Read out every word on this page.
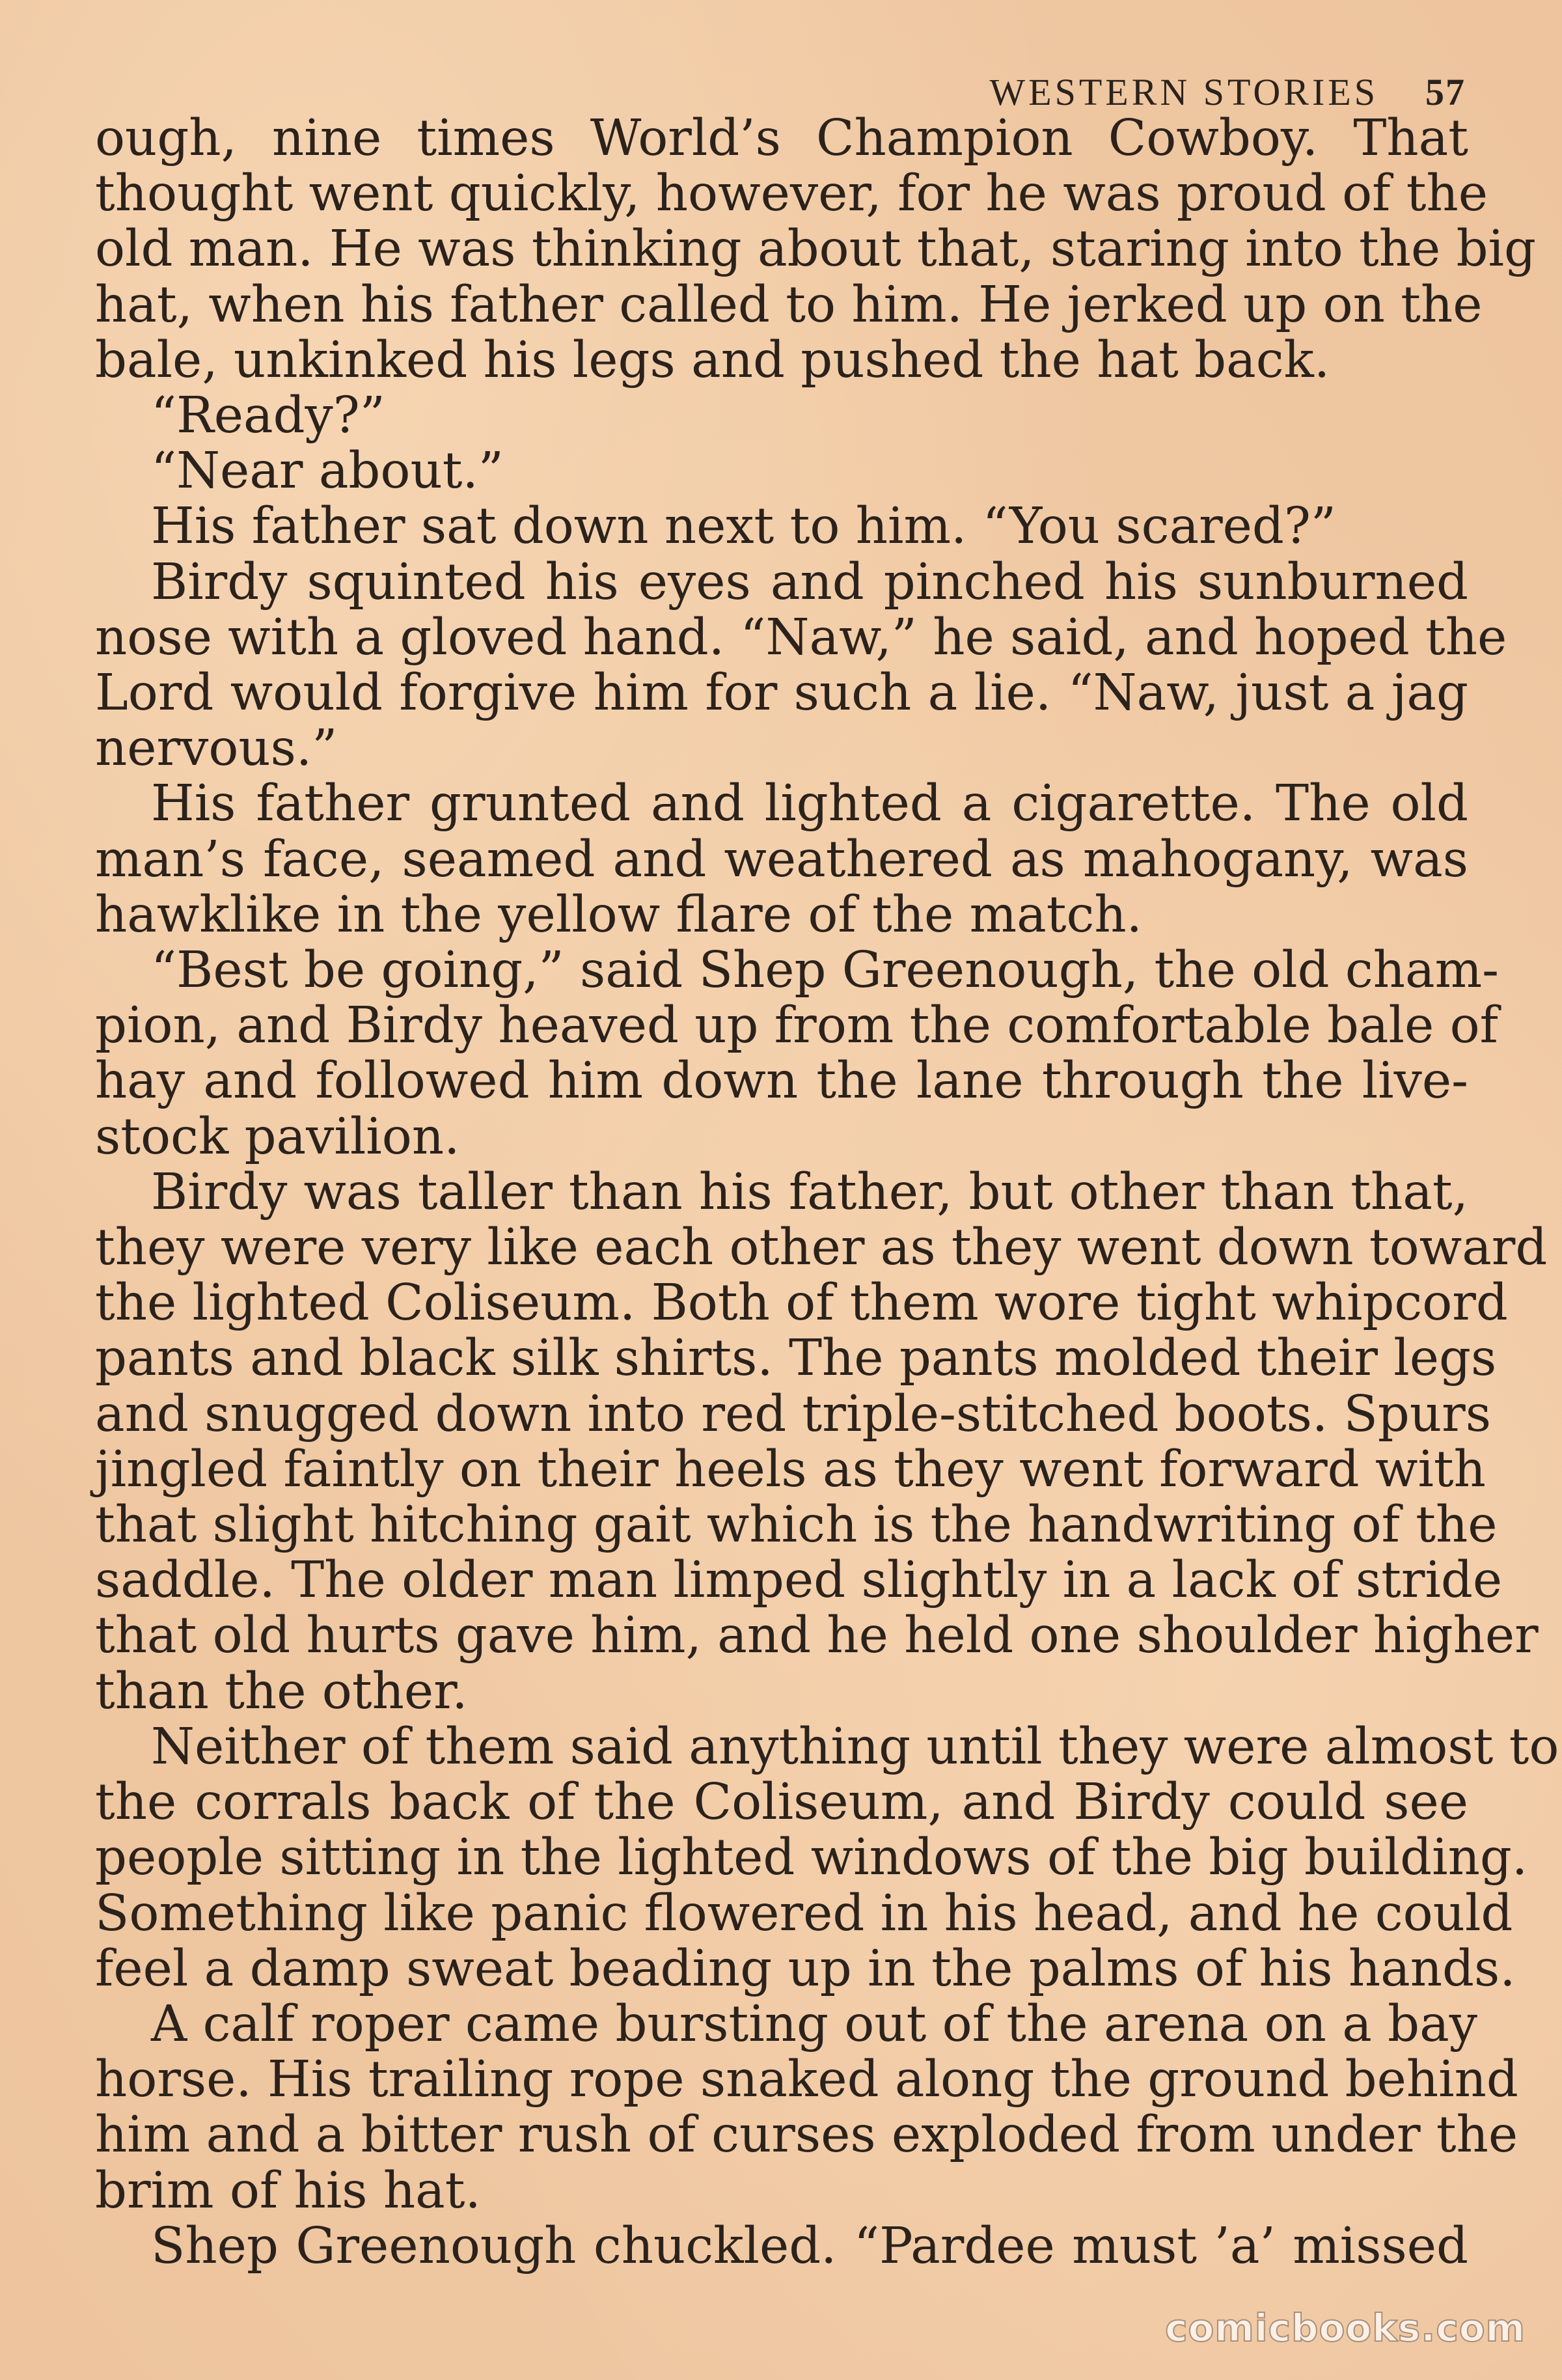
WESTERN STORIES 57
ough, nine times World’s Champion Cowboy. That
thought went quickly, however, for he was proud of the
old man. He was thinking about that, staring into the big
hat, when his father called to him. He jerked up on the
bale, unkinked his legs and pushed the hat back.
“Ready?”
“Near about.”
His father sat down next to him. “You scared?”
Birdy squinted his eyes and pinched his sunburned
nose with a gloved hand. “Naw,” he said, and hoped the
Lord would forgive him for such a lie. “Naw, just a jag
nervous.”
His father grunted and lighted a cigarette. The old
man’s face, seamed and weathered as mahogany, was
hawklike in the yellow flare of the match.
“Best be going,” said Shep Greenough, the old cham-
pion, and Birdy heaved up from the comfortable bale of
hay and followed him down the lane through the live-
stock pavilion.
Birdy was taller than his father, but other than that,
they were very like each other as they went down toward
the lighted Coliseum. Both of them wore tight whipcord
pants and black silk shirts. The pants molded their legs
and snugged down into red triple-stitched boots. Spurs
jingled faintly on their heels as they went forward with
that slight hitching gait which is the handwriting of the
saddle. The older man limped slightly in a lack of stride
that old hurts gave him, and he held one shoulder higher
than the other.
Neither of them said anything until they were almost to
the corrals back of the Coliseum, and Birdy could see
people sitting in the lighted windows of the big building.
Something like panic flowered in his head, and he could
feel a damp sweat beading up in the palms of his hands.
A calf roper came bursting out of the arena on a bay
horse. His trailing rope snaked along the ground behind
him and a bitter rush of curses exploded from under the
brim of his hat.
Shep Greenough chuckled. “Pardee must ’a’ missed
comicbooks.com
